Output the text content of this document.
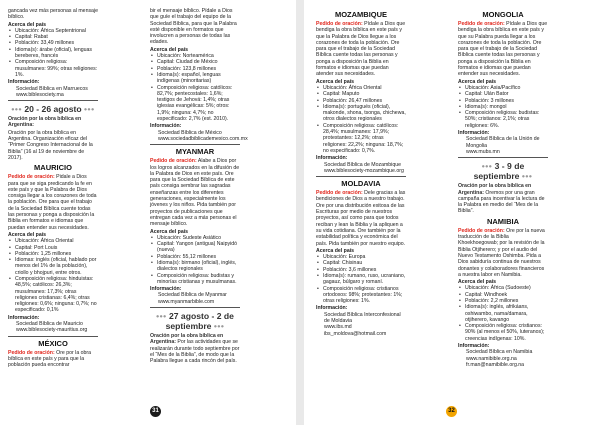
gancada vez más personas al mensaje bíblico.

Acerca del país
• Ubicación: África Septentrional
• Capital: Rabat
• Población: 33,49 millones
• Idioma(s): árabe (oficial), lenguas bereberes, francés
• Composición religiosa: musulmanes: 99%; otras religiones: 1%.
Información:
Sociedad Bíblica en Marruecos
www.biblesociety.ma
••• 20 - 26 agosto •••

Oración por la obra bíblica en Argentina:

Oración por la obra bíblica en Argentina. Organización eficaz del “Primer Congreso Internacional de la Biblia” (16 al 19 de noviembre de 2017).

MAURICIO

Pedido de oración: Pidale a Dios para que se siga predicando la fe en este país y que la Palabra de Dios consiga llegar a los corazones de toda la población. Ore para que el trabajo de la Sociedad Bíblica cuente todas las personas y ponga a disposición la Biblia en formatos e idiomas que puedan entender sus necesidades.

Acerca del país
• Ubicación: África Oriental
• Capital: Port Louis
• Población: 1,25 millones
• Idiomas: inglés (oficial, hablado por menos del 1% de la población), criollo y bhojpuri, entre otros.
• Composición religiosa: hinduistas: 48,5%; católicos: 26,3%; musulmanes: 17,3%; otras religiones cristianas: 6,4%; otras religiones: 0,6%; ninguna: 0,7%; no especificado: 0,1%
Información:
Sociedad Bíblica de Mauricio
www.biblesociety-mauritius.org
MÉXICO

Pedido de oración: Ore por la obra bíblica en este país y para que la población pueda encontrar

bir el mensaje bíblico. Pídale a Dios que guíe el trabajo del equipo de la Sociedad Bíblica, para que la Palabra esté disponible en formatos que involucren a personas de todas las edades.

Acerca del país
• Ubicación: Norteamérica
• Capital: Ciudad de México
• Población: 123,8 millones
• Idioma(s): español, lenguas indígenas (minoritarias)
• Composición religiosa: católicos: 82,7%; pentecostales: 1,6%; testigos de Jehová: 1,4%; otras iglesias evangélicas: 5%; otros: 1,9%; ninguna: 4,7%; no especificado: 2,7% (est. 2010).
Información:
Sociedad Bíblica de México
www.sociedadbiblicademexico.com.mx
MYANMAR

Pedido de oración: Alabe a Dios por los logros alcanzados en la difusión de la Palabra de Dios en este país. Ore para que la Sociedad Bíblica de este país consiga sembrar las sagradas enseñanzas entre los diferentes generaciones, especialmente los jóvenes y los niños. Pida también por proyectos de publicaciones que entregan cada vez a más personas el mensaje bíblico.

Acerca del país
• Ubicación: Sudeste Asiático
• Capital: Yangon (antigua) Naipyidó (nueva)
• Población: 55,12 millones
• Idioma(s): birmano (oficial), inglés, dialectos regionales
• Composición religiosa: budistas y minorías cristianas y musulmanas.
Información:
Sociedad Bíblica de Myanmar
www.myanmarbible.com
••• 27 agosto - 2 de septiembre •••

Oración por la obra bíblica en Argentina: Por las actividades que se realizarán durante todo septiembre por el “Mes de la Biblia”, de modo que la Palabra llegue a cada rincón del país.

31
MOZAMBIQUE

Pedido de oración: Pídale a Dios que bendiga la obra bíblica en este país y que la Palabra de Dios llegue a los corazones de toda la población. Ore para que el trabajo de la Sociedad Bíblica cuente todas las personas y ponga a disposición la Biblia en formatos e idiomas que puedan atender sus necesidades.

Acerca del país
• Ubicación: África Oriental
• Capital: Maputo
• Población: 26,47 millones
• Idioma(s): portugués (oficial), makonde, shona, tsonga, chichewa, otros dialectos regionales
• Composición religiosa: católicos: 28,4%; musulmanes: 17,9%; protestantes: 12,2%; otras religiones: 22,2%; ninguna: 18,7%; no especificado: 0,7%.
Información:
Sociedad Bíblica de Mozambique
www.biblesociety-mozambique.org
MOLDAVIA

Pedido de oración: Dele gracias a las bendiciones de Dios a nuestro trabajo. Ore por una distribución exitosa de las Escrituras por medio de nuestros proyectos, así como para que todos reciban y lean la Biblia y la apliquen a su vida cotidiana. Ore también por la estabilidad política y económica del país. Pida también por nuestro equipo.

Acerca del país
• Ubicación: Europa
• Capital: Chisinau
• Población: 3,6 millones
• Idioma(s): rumano, ruso, ucraniano, gagauz, búlgaro y romaní.
• Composición religiosa: cristianos ortodoxos: 98%; protestantes: 1%; otras religiones: 1%.
Información:
Sociedad Bíblica Interconfesional de Moldavia
www.ibs.md
ibs_moldova@hotmail.com
MONGOLIA

Pedido de oración: Pídale a Dios que bendiga la obra bíblica en este país y que su Palabra pueda llegar a los corazones de toda la población. Ore para que el trabajo de la Sociedad Bíblica cuente todas las personas y ponga a disposición la Biblia en formatos e idiomas que puedan entender sus necesidades.

Acerca del país
• Ubicación: Asia/Pacífico
• Capital: Ulán Bator
• Población: 3 millones
• Idioma(s): mongol
• Composición religiosa: budistas: 50%; cristianos: 2,1%; otras religiones: 6%.
Información:
Sociedad Bíblica de la Unión de Mongolia
www.mubs.mn
••• 3 - 9 de septiembre •••

Oración por la obra bíblica en Argentina: Oremos por una gran campaña para incentivar la lectura de la Palabra en medio del “Mes de la Biblia”.

NAMIBIA

Pedido de oración: Ore por la nueva traducción de la Biblia Khoekhoegowab; por la revisión de la Biblia Otjiherero; y por el audio del Nuevo Testamento Oshimba. Pida a Dios sabiduría continua de nuestros donantes y colaboradores financieros a nuestra labor en Namibia.

Acerca del país
• Ubicación: África (Sudoeste)
• Capital: Windhoek
• Población: 2,2 millones
• Idioma(s): inglés, afrikáans, oshiwambo, nama/damara, otjiherero, kavango
• Composición religiosa: cristianos: 90% (al menos el 50%, luteranos); creencias indígenas: 10%.
Información:
Sociedad Bíblica en Namibia
www.namibible.org.na
fr.man@namibible.org.na
32
